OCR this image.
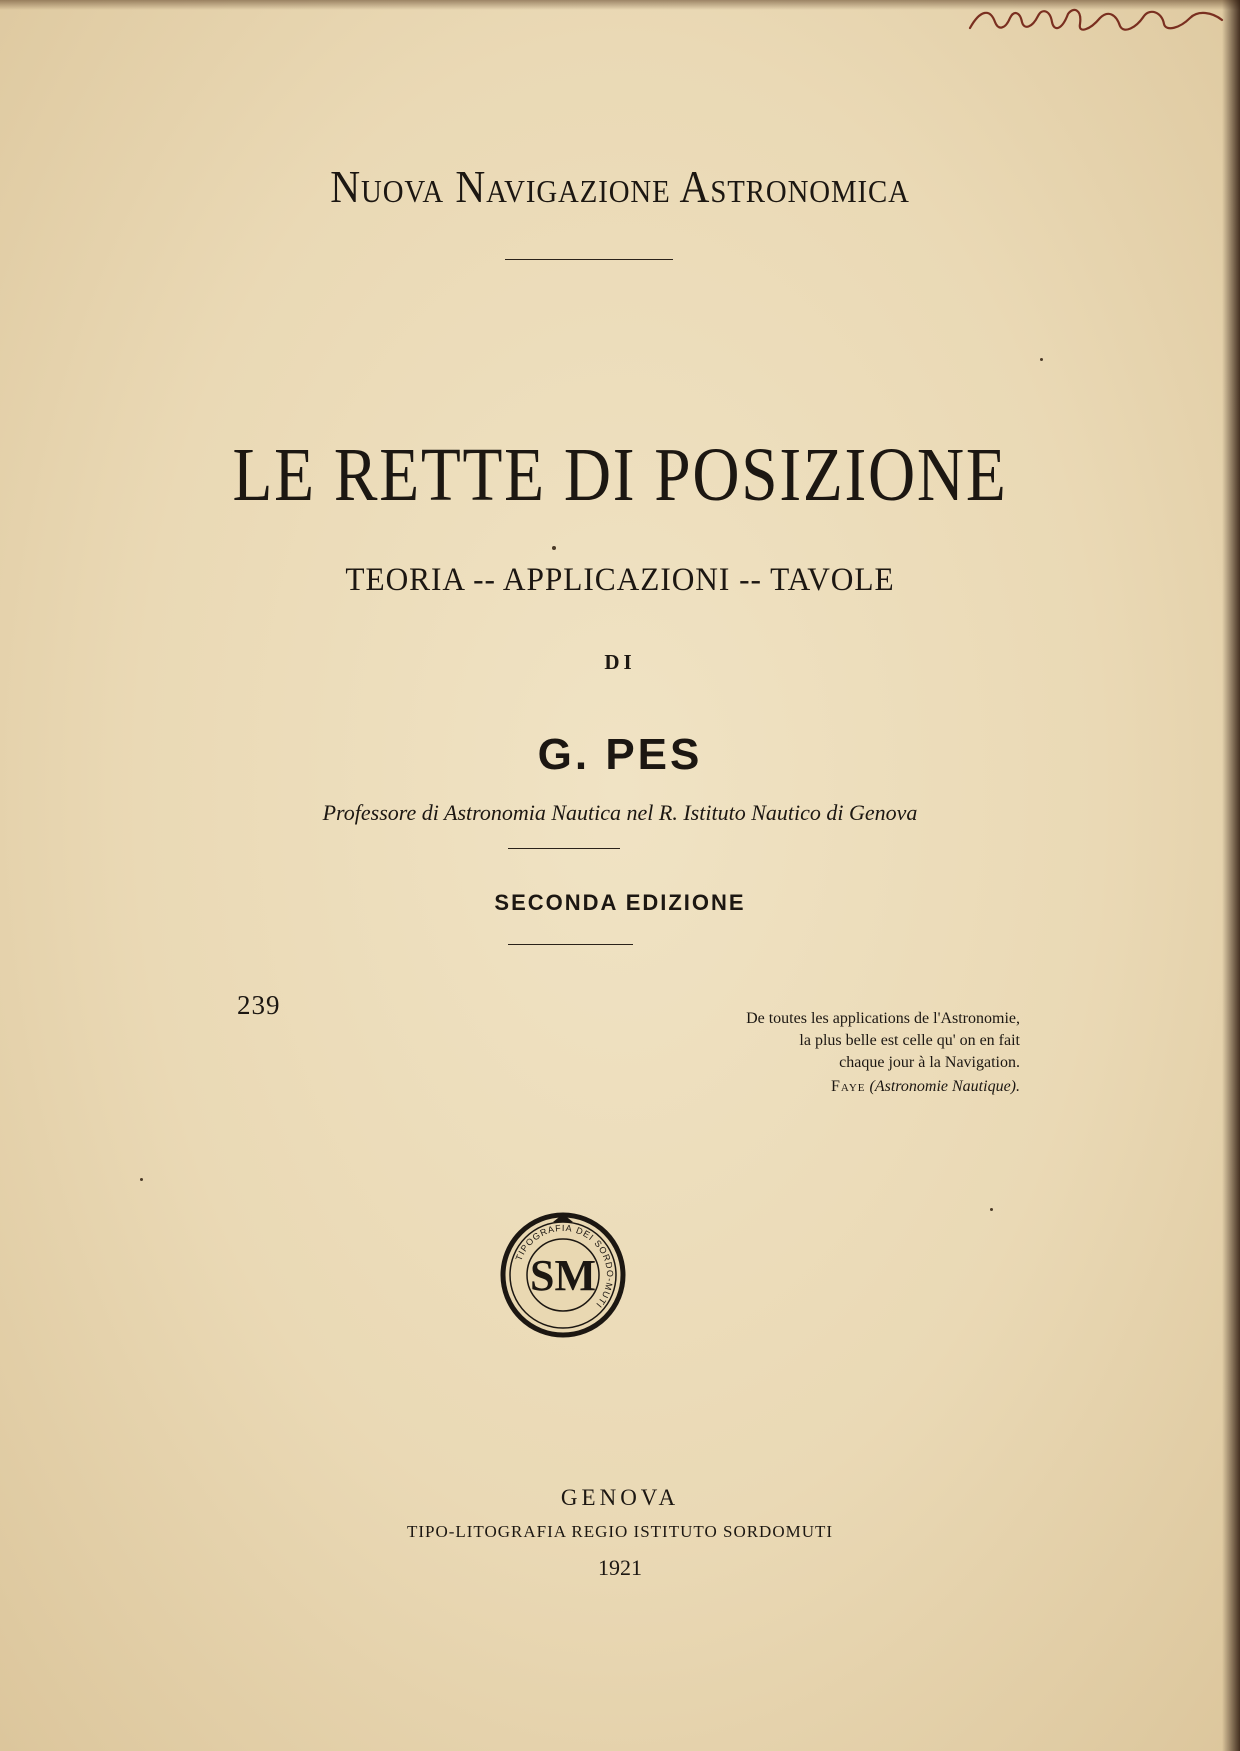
Nuova Navigazione Astronomica
LE RETTE DI POSIZIONE
TEORIA -- APPLICAZIONI -- TAVOLE
DI
G. PES
Professore di Astronomia Nautica nel R. Istituto Nautico di Genova
SECONDA EDIZIONE
239	De toutes les applications de l'Astronomie,
la plus belle est celle qu' on en fait
chaque jour à la Navigation.
Faye (Astronomie Nautique).
TIPOGRAFIA DEI SORDO-MUTI
SM
GENOVA
TIPO-LITOGRAFIA REGIO ISTITUTO SORDOMUTI
1921
